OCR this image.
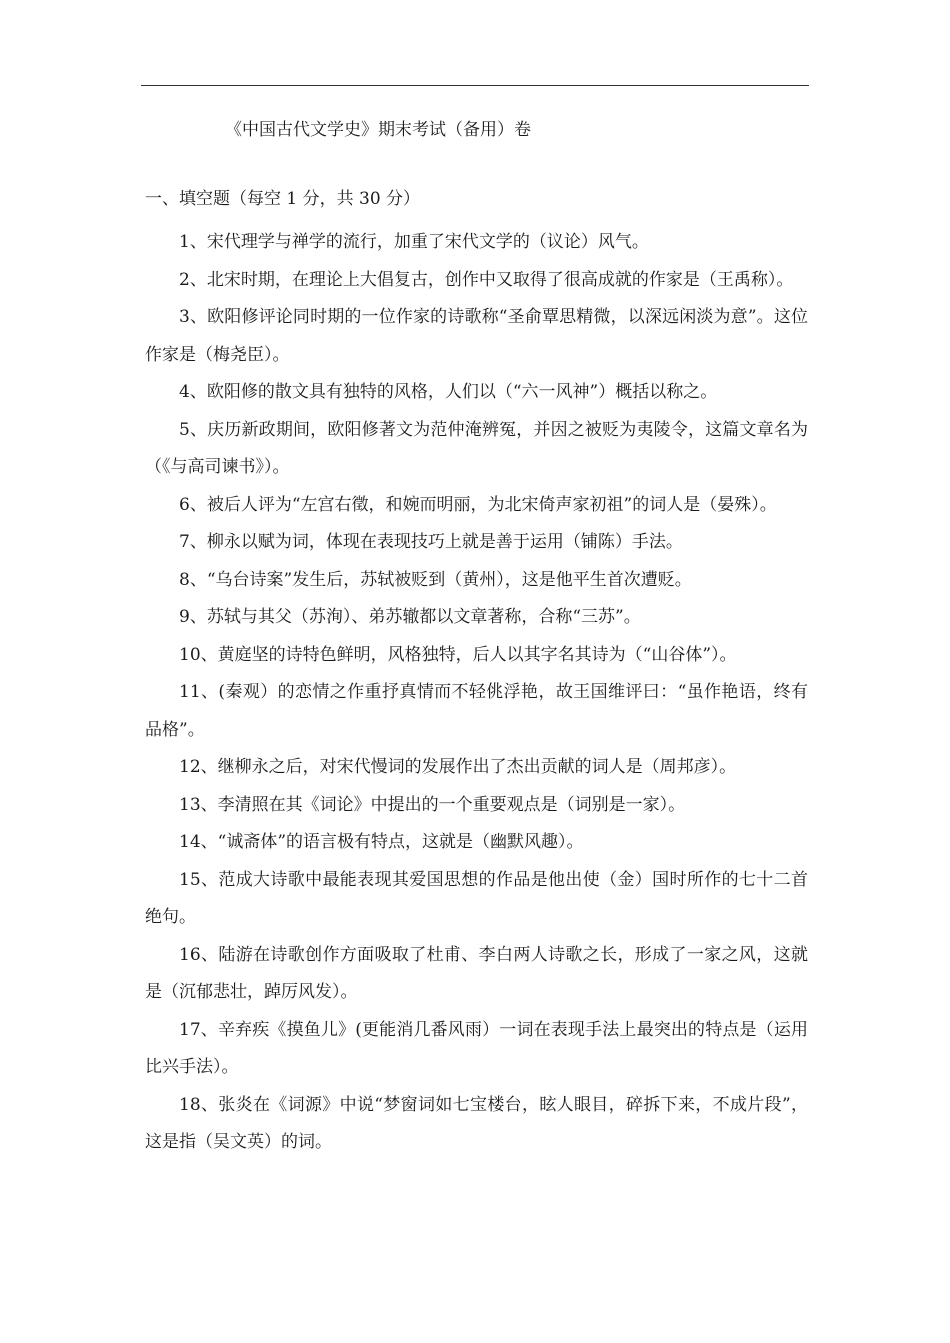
《中国古代文学史》期末考试（备用）卷
一、填空题（每空 1 分，共 30 分）
1、宋代理学与禅学的流行，加重了宋代文学的（议论）风气。
2、北宋时期，在理论上大倡复古，创作中又取得了很高成就的作家是（王禹称）。
3、欧阳修评论同时期的一位作家的诗歌称“圣俞覃思精微，以深远闲淡为意”。这位作家是（梅尧臣）。
4、欧阳修的散文具有独特的风格，人们以（“六一风神”）概括以称之。
5、庆历新政期间，欧阳修著文为范仲淹辨冤，并因之被贬为夷陵令，这篇文章名为（《与高司谏书》）。
6、被后人评为“左宫右徵，和婉而明丽，为北宋倚声家初祖”的词人是（晏殊）。
7、柳永以赋为词，体现在表现技巧上就是善于运用（铺陈）手法。
8、“乌台诗案”发生后，苏轼被贬到（黄州），这是他平生首次遭贬。
9、苏轼与其父（苏洵）、弟苏辙都以文章著称，合称“三苏”。
10、黄庭坚的诗特色鲜明，风格独特，后人以其字名其诗为（“山谷体”）。
11、(秦观）的恋情之作重抒真情而不轻佻浮艳，故王国维评曰：“虽作艳语，终有品格”。
12、继柳永之后，对宋代慢词的发展作出了杰出贡献的词人是（周邦彦）。
13、李清照在其《词论》中提出的一个重要观点是（词别是一家）。
14、“诚斋体”的语言极有特点，这就是（幽默风趣）。
15、范成大诗歌中最能表现其爱国思想的作品是他出使（金）国时所作的七十二首绝句。
16、陆游在诗歌创作方面吸取了杜甫、李白两人诗歌之长，形成了一家之风，这就是（沉郁悲壮，踔厉风发）。
17、辛弃疾《摸鱼儿》(更能消几番风雨）一词在表现手法上最突出的特点是（运用比兴手法）。
18、张炎在《词源》中说“梦窗词如七宝楼台，眩人眼目，碎拆下来，不成片段”，这是指（吴文英）的词。
